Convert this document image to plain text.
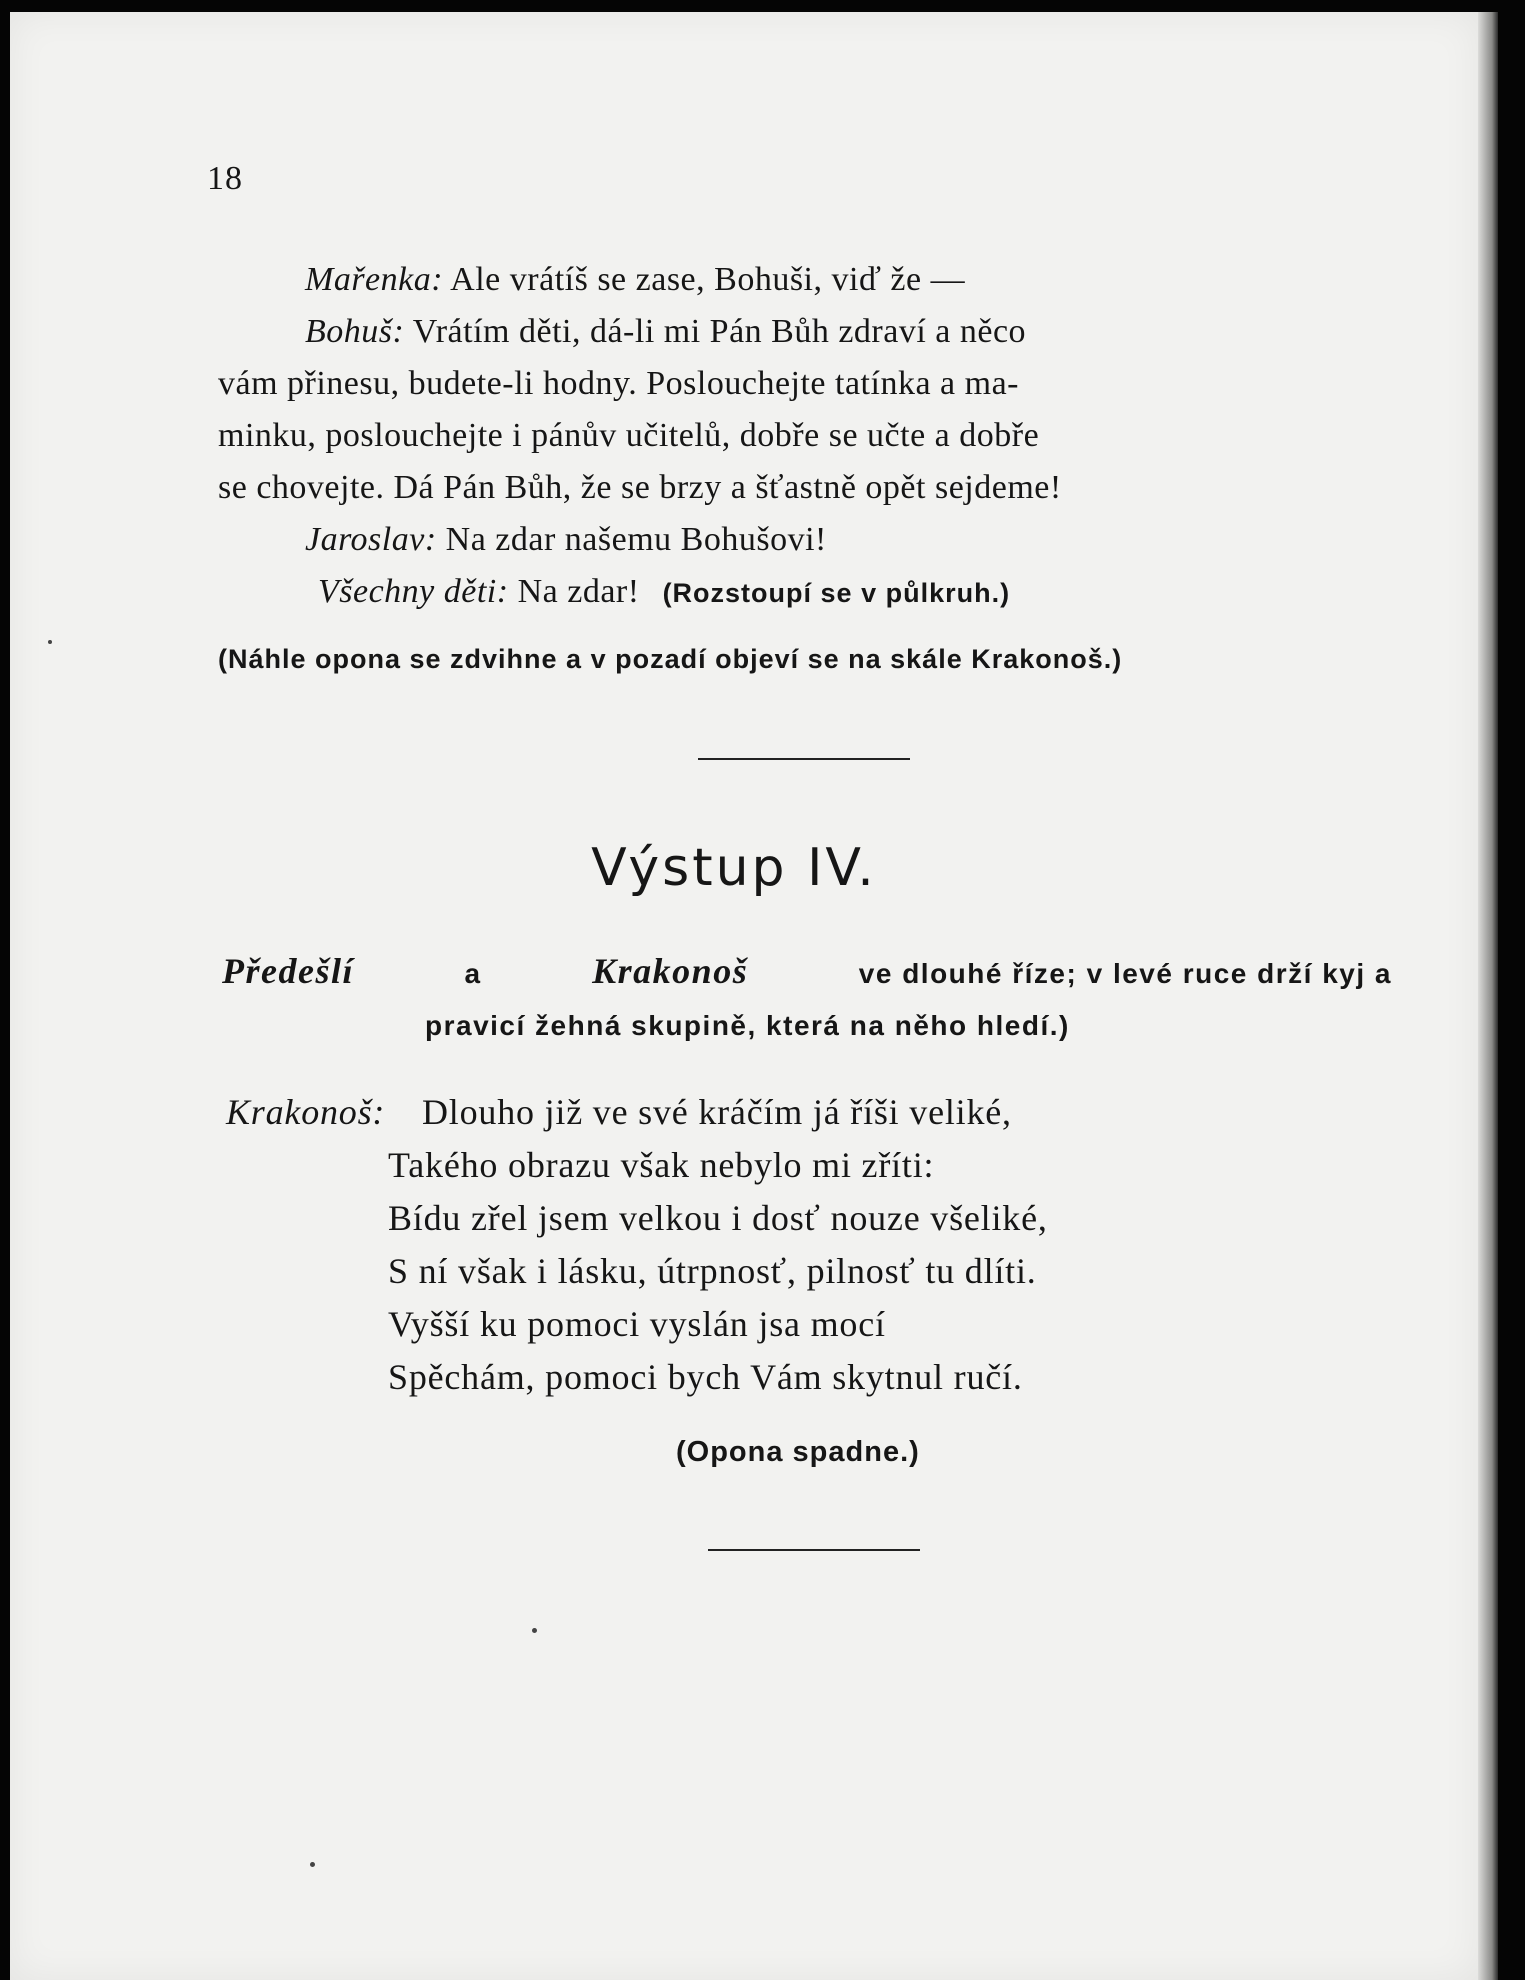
18
Mařenka: Ale vrátíš se zase, Bohuši, viď že —
Bohuš: Vrátím děti, dá-li mi Pán Bůh zdraví a něco
vám přinesu, budete-li hodny. Poslouchejte tatínka a ma-
minku, poslouchejte i pánův učitelů, dobře se učte a dobře
se chovejte. Dá Pán Bůh, že se brzy a šťastně opět sejdeme!
Jaroslav: Na zdar našemu Bohušovi!
Všechny děti: Na zdar! (Rozstoupí se v půlkruh.)
(Náhle opona se zdvihne a v pozadí objeví se na skále Krakonoš.)
Výstup IV.
Předešlí	a	Krakonoš	ve dlouhé říze; v levé ruce drží kyj a
pravicí žehná skupině, která na něho hledí.)
Krakonoš: Dlouho již ve své kráčím já říši veliké,
Takého obrazu však nebylo mi zříti:
Bídu zřel jsem velkou i dosť nouze všeliké,
S ní však i lásku, útrpnosť, pilnosť tu dlíti.
Vyšší ku pomoci vyslán jsa mocí
Spěchám, pomoci bych Vám skytnul ručí.
(Opona spadne.)
